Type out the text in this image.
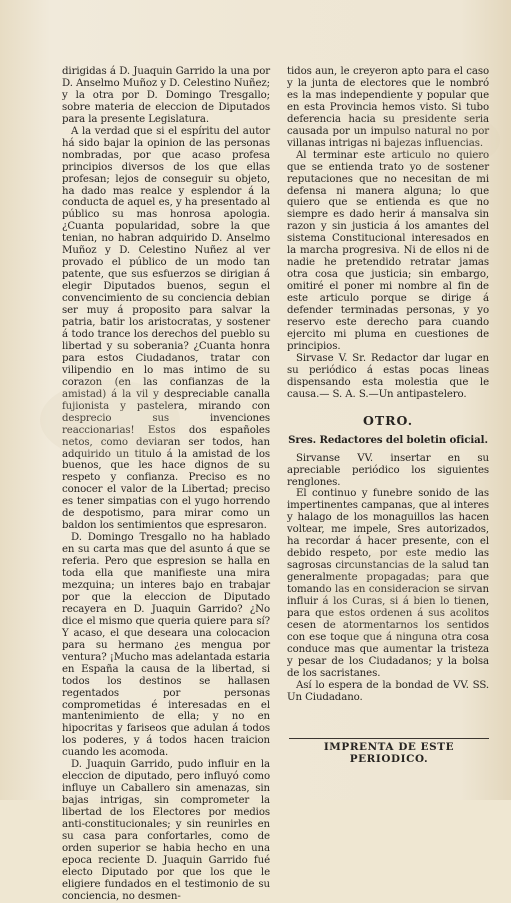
dirigidas á D. Juaquin Garrido la una por D. Anselmo Muñoz y D. Celestino Nuñez; y la otra por D. Domingo Tresgallo; sobre materia de eleccion de Diputados para la presente Legislatura.

A la verdad que si el espíritu del autor há sido bajar la opinion de las personas nombradas, por que acaso profesa principios diversos de los que ellas profesan; lejos de conseguir su objeto, ha dado mas realce y esplendor á la conducta de aquel es, y ha presentado al público su mas honrosa apologia. ¿Cuanta popularidad, sobre la que tenian, no habran adquirido D. Anselmo Muñoz y D. Celestino Nuñez al ver provado el público de un modo tan patente, que sus esfuerzos se dirigian á elegir Diputados buenos, segun el convencimiento de su conciencia debian ser muy á proposito para salvar la patria, batir los aristocratas, y sostener á todo trance los derechos del pueblo su libertad y su soberania? ¿Cuanta honra para estos Ciudadanos, tratar con vilipendio en lo mas intimo de su corazon (en las confianzas de la amistad) á la vil y despreciable canalla fujionista y pastelera, mirando con desprecio sus invenciones reaccionarias! Estos dos españoles netos, como deviaran ser todos, han adquirido un titulo á la amistad de los buenos, que les hace dignos de su respeto y confianza. Preciso es no conocer el valor de la Libertad; preciso es tener simpatias con el yugo horrendo de despotismo, para mirar como un baldon los sentimientos que espresaron.

D. Domingo Tresgallo no ha hablado en su carta mas que del asunto á que se referia. Pero que espresion se halla en toda ella que manifieste una mira mezquina; un interes bajo en trabajar por que la eleccion de Diputado recayera en D. Juaquin Garrido? ¿No dice el mismo que queria quiere para sí? Y acaso, el que deseara una colocacion para su hermano ¿es mengua por ventura? ¡Mucho mas adelantada estaria en España la causa de la libertad, si todos los destinos se hallasen regentados por personas comprometidas é interesadas en el mantenimiento de ella; y no en hipocritas y fariseos que adulan á todos los poderes, y á todos hacen traicion cuando les acomoda.

D. Juaquin Garrido, pudo influir en la eleccion de diputado, pero influyó como influye un Caballero sin amenazas, sin bajas intrigas, sin comprometer la libertad de los Electores por medios anti-constitucionales; y sin reunirles en su casa para confortarles, como de orden superior se habia hecho en una epoca reciente D. Juaquin Garrido fué electo Diputado por que los que le eligiere fundados en el testimonio de su conciencia, no desmen-

tidos aun, le creyeron apto para el caso y la junta de electores que le nombró es la mas independiente y popular que en esta Provincia hemos visto. Si tubo deferencia hacia su presidente seria causada por un impulso natural no por villanas intrigas ni bajezas influencias.

Al terminar este articulo no quiero que se entienda trato yo de sostener reputaciones que no necesitan de mi defensa ni manera alguna; lo que quiero que se entienda es que no siempre es dado herir á mansalva sin razon y sin justicia á los amantes del sistema Constitucional interesados en la marcha progresiva. Ni de ellos ni de nadie he pretendido retratar jamas otra cosa que justicia; sin embargo, omitiré el poner mi nombre al fin de este articulo porque se dirige á defender terminadas personas, y yo reservo este derecho para cuando ejercito mi pluma en cuestiones de principios.

Sirvase V. Sr. Redactor dar lugar en su periódico á estas pocas lineas dispensando esta molestia que le causa.— S. A. S.—Un antipastelero.

OTRO.
Sres. Redactores del boletin oficial.

Sirvanse VV. insertar en su apreciable periódico los siguientes renglones.

El continuo y funebre sonido de las impertinentes campanas, que al interes y halago de los monaguillos las hacen voltear, me impele, Sres autorizados, ha recordar á hacer presente, con el debido respeto, por este medio las sagrosas circunstancias de la salud tan generalmente propagadas; para que tomando las en consideracion se sirvan influir á los Curas, si á bien lo tienen, para que estos ordenen á sus acolitos cesen de atormentarnos los sentidos con ese toque que á ninguna otra cosa conduce mas que aumentar la tristeza y pesar de los Ciudadanos; y la bolsa de los sacristanes.

Así lo espera de la bondad de VV. SS. Un Ciudadano.

IMPRENTA DE ESTE PERIODICO.
